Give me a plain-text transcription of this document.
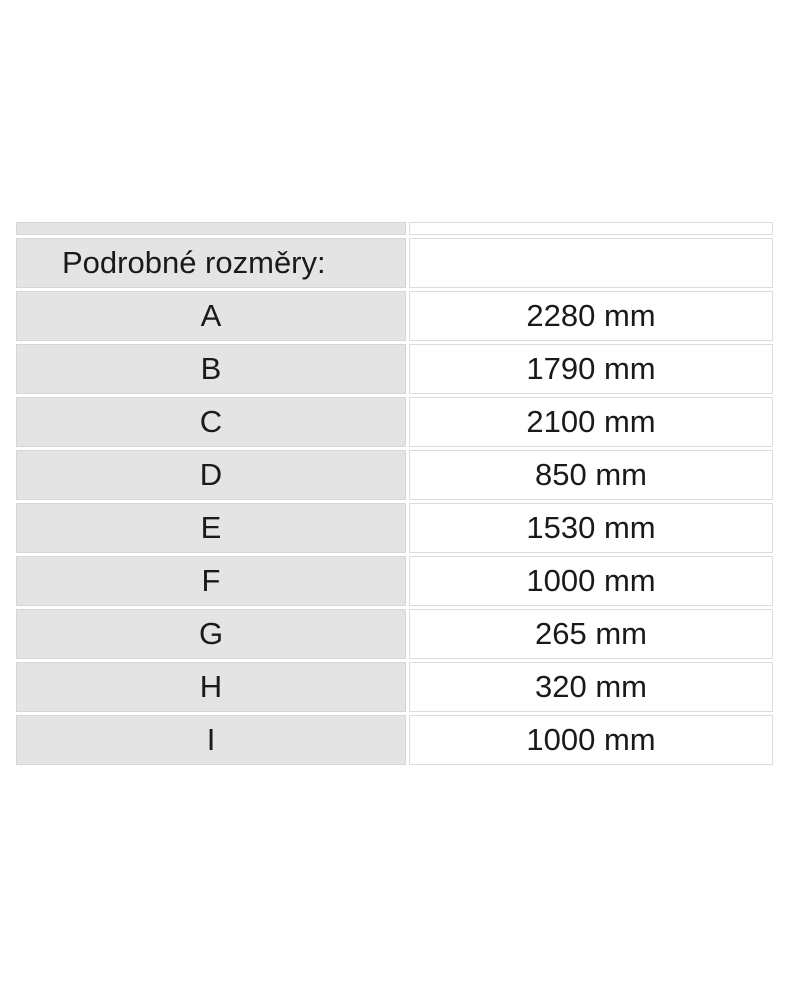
Podrobné rozměry:	
A	2280 mm
B	1790 mm
C	2100 mm
D	850 mm
E	1530 mm
F	1000 mm
G	265 mm
H	320 mm
I	1000 mm
